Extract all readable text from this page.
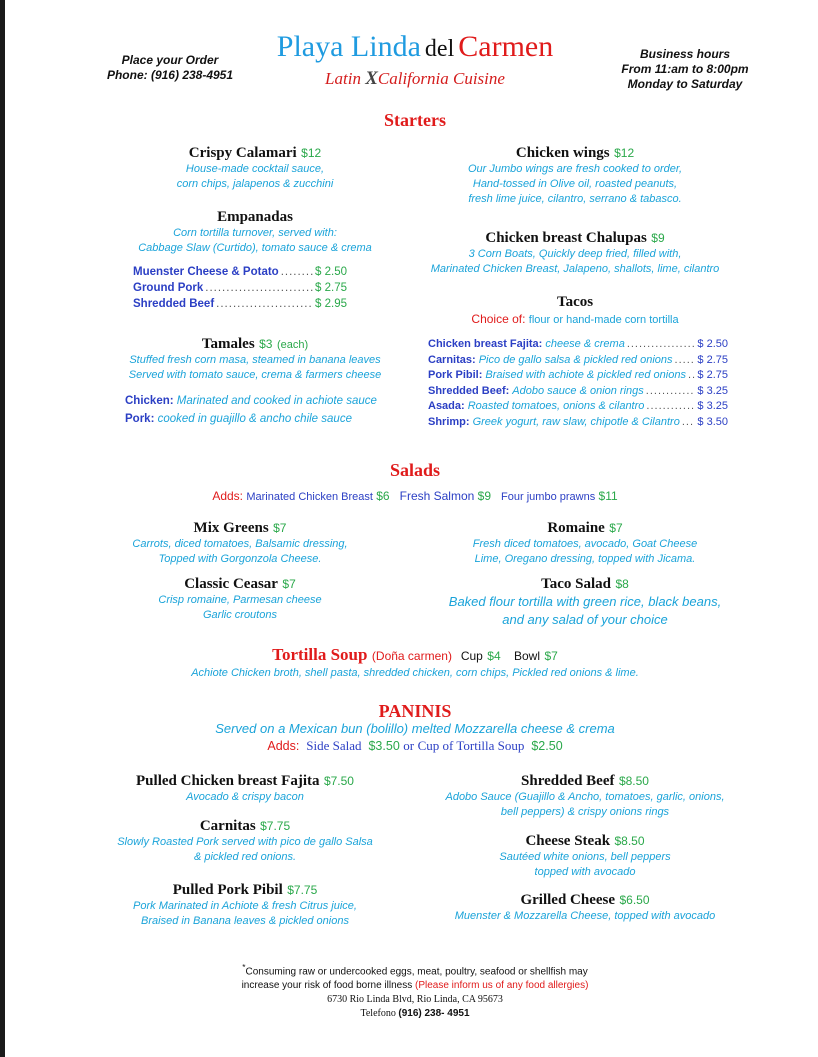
Place your Order
Phone: (916) 238-4951
Playa Linda del Carmen
Latin XCalifornia Cuisine
Business hours
From 11:am to 8:00pm
Monday to Saturday
Starters
Crispy Calamari $12
House-made cocktail sauce,
corn chips, jalapenos & zucchini
Empanadas
Corn tortilla turnover, served with:
Cabbage Slaw (Curtido), tomato sauce & crema
Muenster Cheese & Potato .....	$ 2.50
Ground Pork .....	$ 2.75
Shredded Beef .....	$ 2.95
Tamales $3 (each)
Stuffed fresh corn masa, steamed in banana leaves
Served with tomato sauce, crema & farmers cheese
Chicken: Marinated and cooked in achiote sauce
Pork: cooked in guajillo & ancho chile sauce
Chicken wings $12
Our Jumbo wings are fresh cooked to order,
Hand-tossed in Olive oil, roasted peanuts,
fresh lime juice, cilantro, serrano & tabasco.
Chicken breast Chalupas $9
3 Corn Boats, Quickly deep fried, filled with,
Marinated Chicken Breast, Jalapeno, shallots, lime, cilantro
Tacos
Choice of: flour or hand-made corn tortilla
Chicken breast Fajita: cheese & crema .....	$ 2.50
Carnitas: Pico de gallo salsa & pickled red onions ..... $ 2.75
Pork Pibil: Braised with achiote & pickled red onions ..... $ 2.75
Shredded Beef: Adobo sauce & onion rings .....	$ 3.25
Asada: Roasted tomatoes, onions & cilantro .....	$ 3.25
Shrimp: Greek yogurt, raw slaw, chipotle & Cilantro ..... $ 3.50
Salads
Adds: Marinated Chicken Breast $6 Fresh Salmon $9 Four jumbo prawns $11
Mix Greens $7
Carrots, diced tomatoes, Balsamic dressing,
Topped with Gorgonzola Cheese.
Classic Ceasar $7
Crisp romaine, Parmesan cheese
Garlic croutons
Romaine $7
Fresh diced tomatoes, avocado, Goat Cheese
Lime, Oregano dressing, topped with Jicama.
Taco Salad $8
Baked flour tortilla with green rice, black beans,
and any salad of your choice
Tortilla Soup (Doña carmen) Cup $4 Bowl $7
Achiote Chicken broth, shell pasta, shredded chicken, corn chips, Pickled red onions & lime.
PANINIS
Served on a Mexican bun (bolillo) melted Mozzarella cheese & crema
Adds: Side Salad $3.50 or Cup of Tortilla Soup $2.50
Pulled Chicken breast Fajita $7.50
Avocado & crispy bacon
Carnitas $7.75
Slowly Roasted Pork served with pico de gallo Salsa
& pickled red onions.
Pulled Pork Pibil $7.75
Pork Marinated in Achiote & fresh Citrus juice,
Braised in Banana leaves & pickled onions
Shredded Beef $8.50
Adobo Sauce (Guajillo & Ancho, tomatoes, garlic, onions,
bell peppers) & crispy onions rings
Cheese Steak $8.50
Sautéed white onions, bell peppers
topped with avocado
Grilled Cheese $6.50
Muenster & Mozzarella Cheese, topped with avocado
*Consuming raw or undercooked eggs, meat, poultry, seafood or shellfish may
increase your risk of food borne illness (Please inform us of any food allergies)
6730 Rio Linda Blvd, Rio Linda, CA 95673
Telefono (916) 238- 4951
